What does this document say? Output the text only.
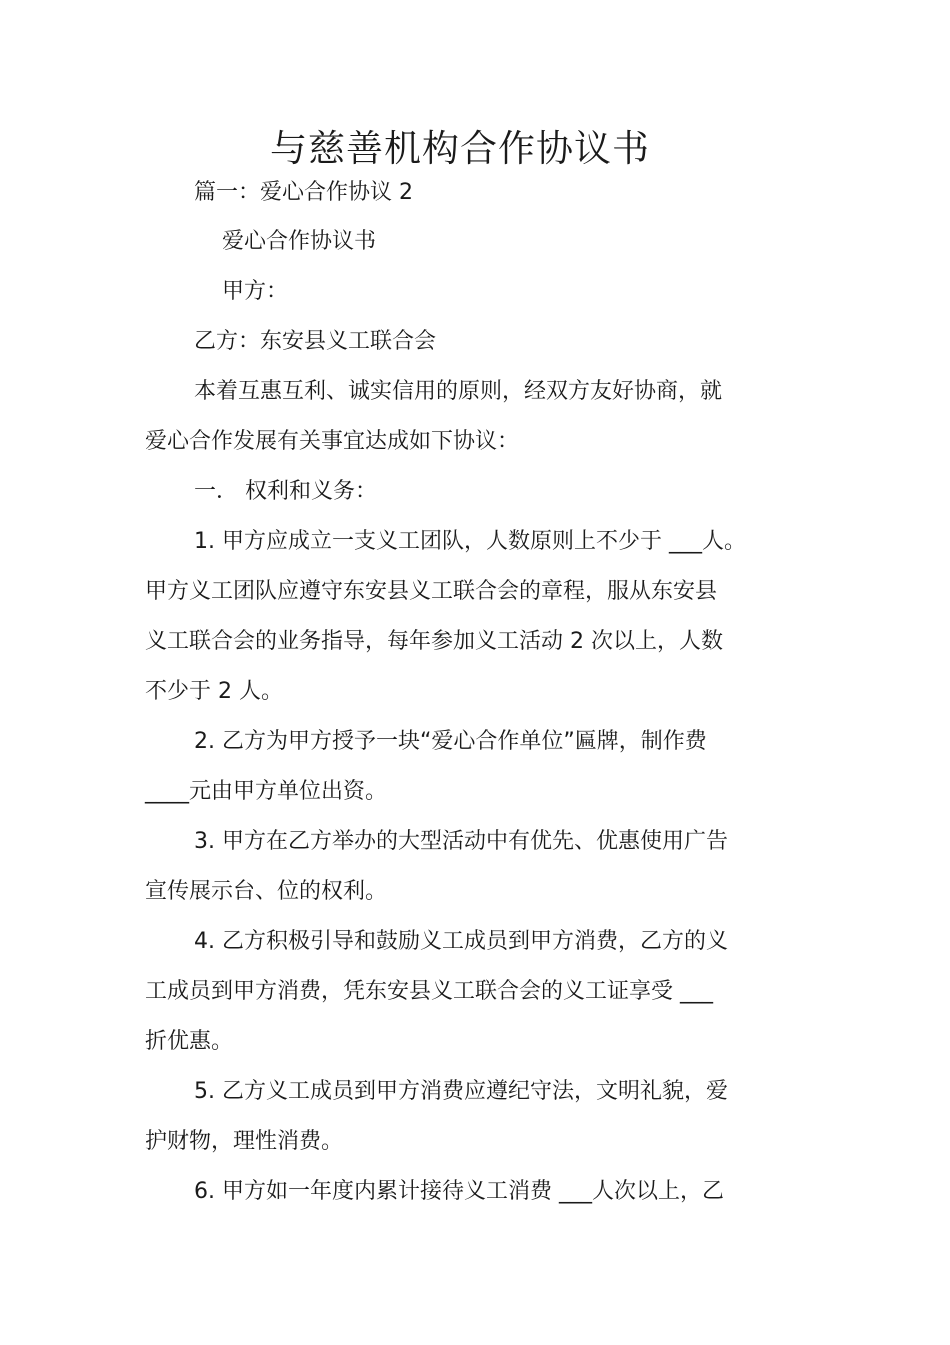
与慈善机构合作协议书
篇一：爱心合作协议 2
爱心合作协议书
甲方：
乙方：东安县义工联合会
本着互惠互利、诚实信用的原则，经双方友好协商，就
爱心合作发展有关事宜达成如下协议：
一． 权利和义务：
1. 甲方应成立一支义工团队，人数原则上不少于 ___人。
甲方义工团队应遵守东安县义工联合会的章程，服从东安县
义工联合会的业务指导，每年参加义工活动 2 次以上，人数
不少于 2 人。
2. 乙方为甲方授予一块“爱心合作单位”匾牌，制作费
____元由甲方单位出资。
3. 甲方在乙方举办的大型活动中有优先、优惠使用广告
宣传展示台、位的权利。
4. 乙方积极引导和鼓励义工成员到甲方消费，乙方的义
工成员到甲方消费，凭东安县义工联合会的义工证享受 ___
折优惠。
5. 乙方义工成员到甲方消费应遵纪守法，文明礼貌，爱
护财物，理性消费。
6. 甲方如一年度内累计接待义工消费 ___人次以上，乙
